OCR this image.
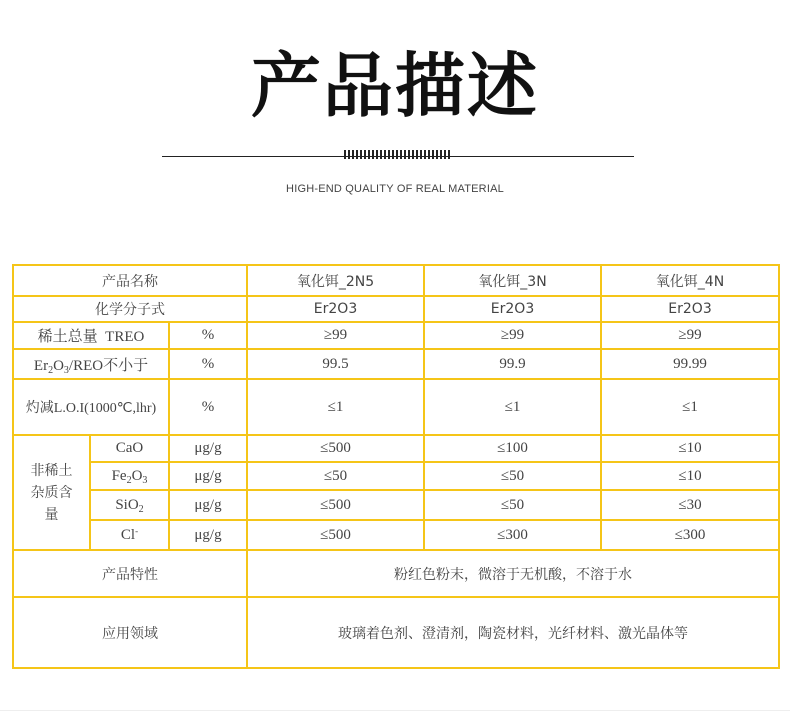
产品描述
HIGH-END QUALITY OF REAL MATERIAL
产品名称			氧化铒_2N5	氧化铒_3N	氧化铒_4N
化学分子式			Er2O3	Er2O3	Er2O3
稀土总量  TREO		%	≥99	≥99	≥99
$Er_2O_3$/REO不小于		%	99.5	99.9	99.99
灼减L.O.I(1000℃,lhr)		%	≤1	≤1	≤1

非稀土杂质含量	CaO	μg/g	≤500	≤100	≤10
	$Fe_2O_3$	μg/g	≤50	≤50	≤10
	SiO$_2$	μg/g	≤500	≤50	≤30
	Cl-	μg/g	≤500	≤300	≤300
产品特性			粉红色粉末，微溶于无机酸，不溶于水		
应用领域			玻璃着色剂、澄清剂，陶瓷材料，光纤材料、激光晶体等		
